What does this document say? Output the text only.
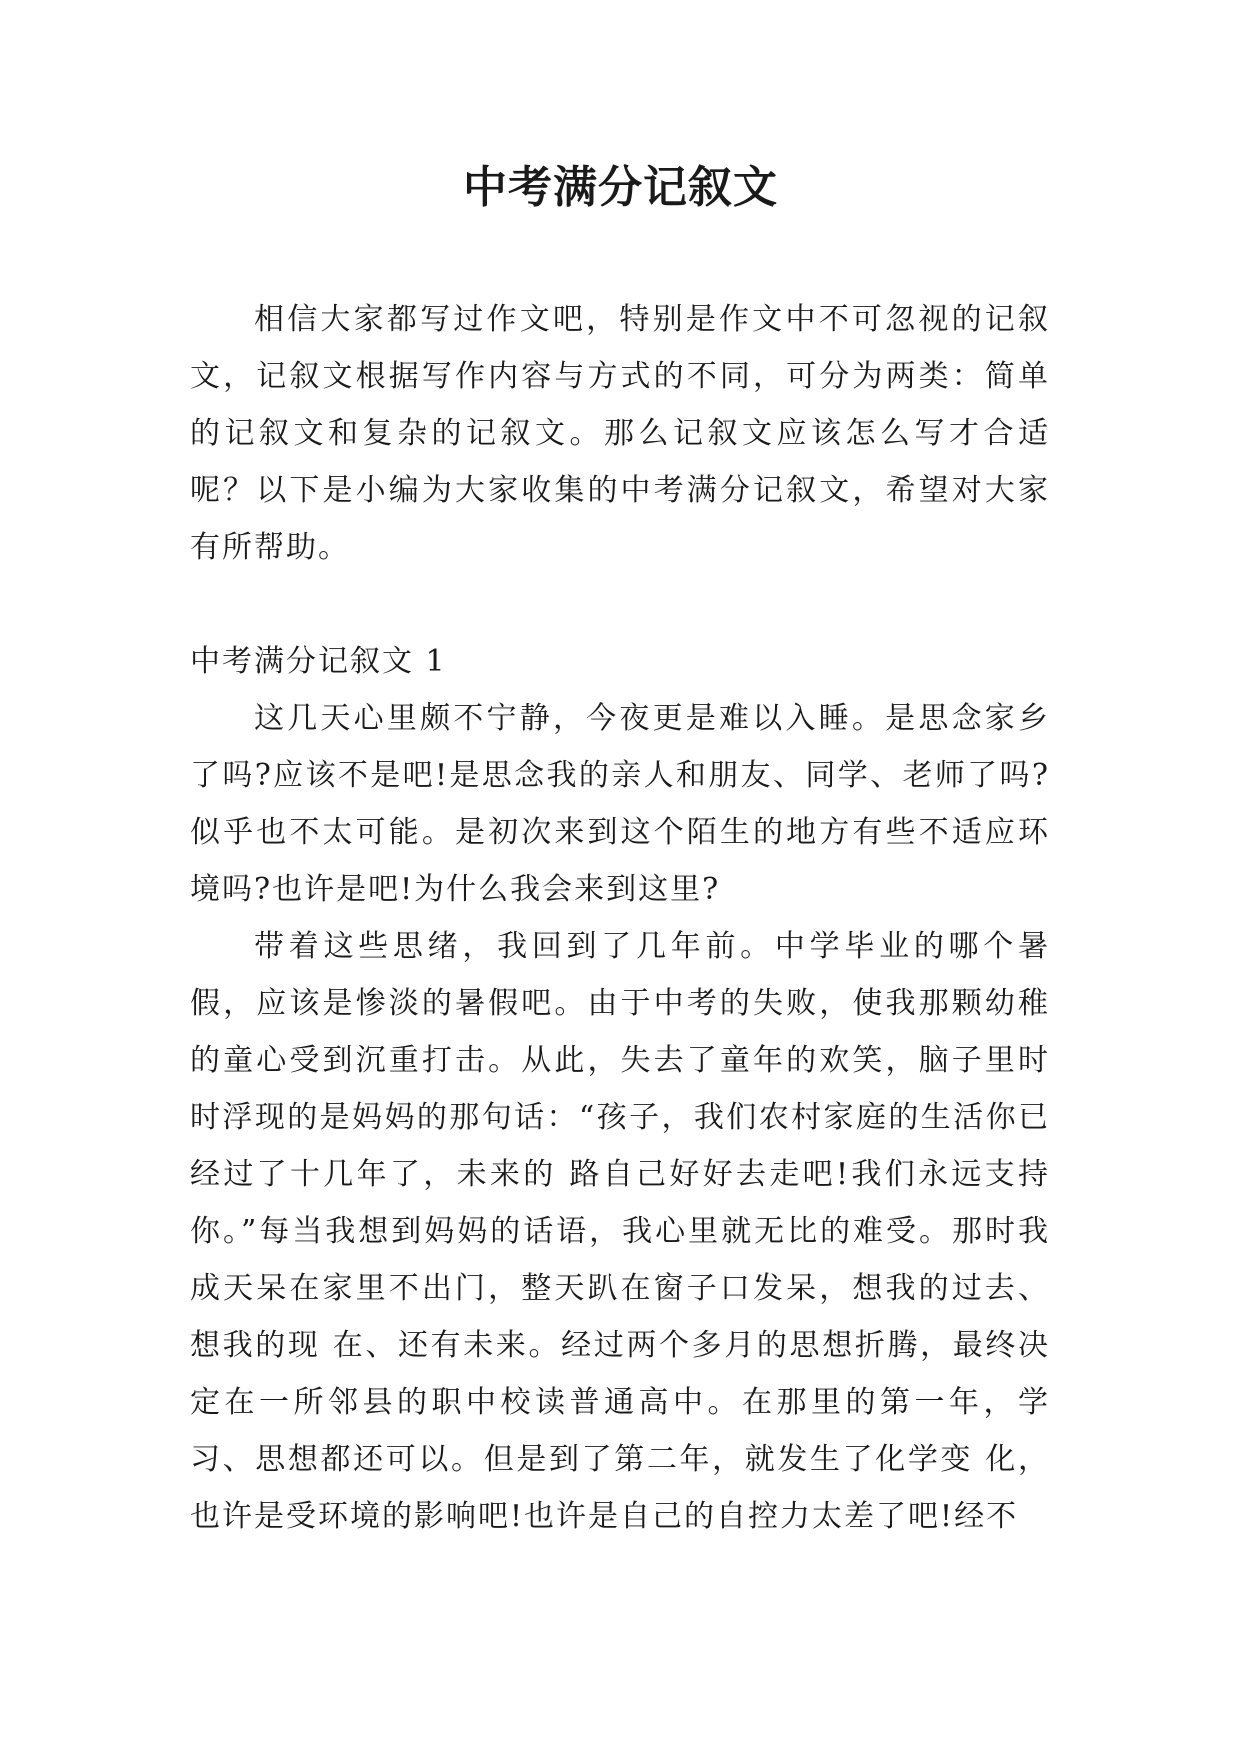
中考满分记叙文

相信大家都写过作文吧，特别是作文中不可忽视的记叙文，记叙文根据写作内容与方式的不同，可分为两类：简单的记叙文和复杂的记叙文。那么记叙文应该怎么写才合适呢？以下是小编为大家收集的中考满分记叙文，希望对大家有所帮助。

中考满分记叙文 1

这几天心里颇不宁静，今夜更是难以入睡。是思念家乡了吗?应该不是吧!是思念我的亲人和朋友、同学、老师了吗?似乎也不太可能。是初次来到这个陌生的地方有些不适应环境吗?也许是吧!为什么我会来到这里?

带着这些思绪，我回到了几年前。中学毕业的哪个暑假，应该是惨淡的暑假吧。由于中考的失败，使我那颗幼稚的童心受到沉重打击。从此，失去了童年的欢笑，脑子里时时浮现的是妈妈的那句话：“孩子，我们农村家庭的生活你已经过了十几年了，未来的 路自己好好去走吧!我们永远支持你。”每当我想到妈妈的话语，我心里就无比的难受。那时我成天呆在家里不出门，整天趴在窗子口发呆，想我的过去、想我的现 在、还有未来。经过两个多月的思想折腾，最终决定在一所邻县的职中校读普通高中。在那里的第一年，学习、思想都还可以。但是到了第二年，就发生了化学变 化，也许是受环境的影响吧!也许是自己的自控力太差了吧!经不
